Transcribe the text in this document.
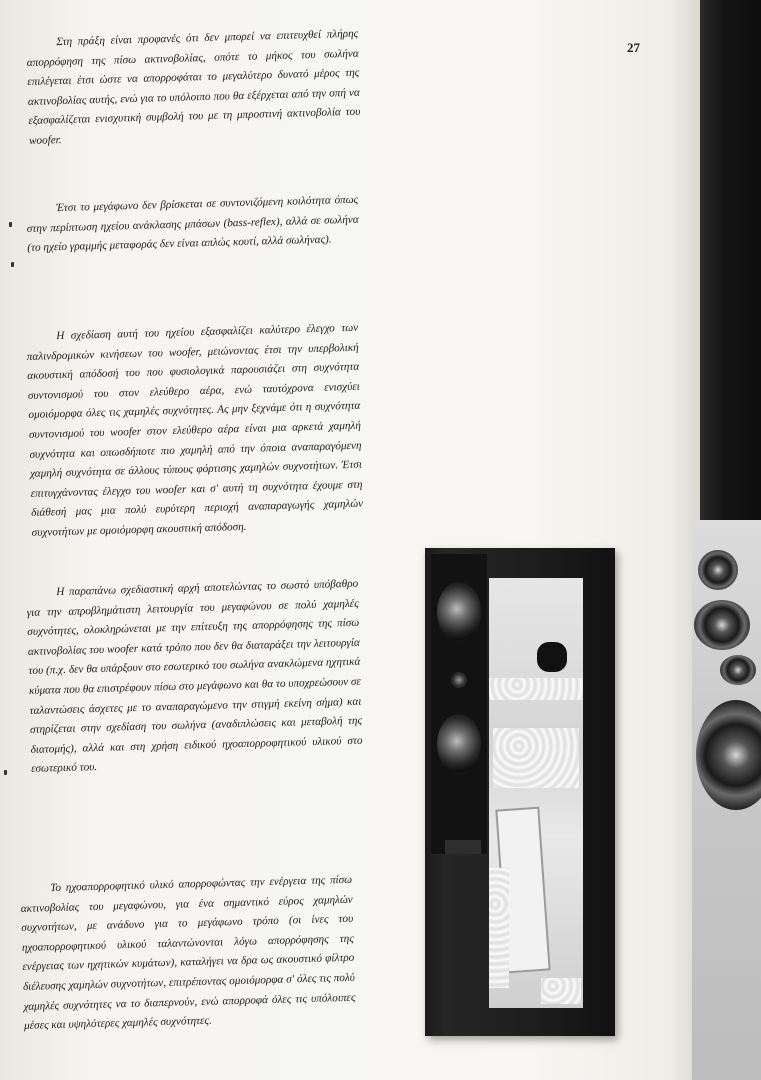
27

Στη πράξη είναι προφανές ότι δεν μπορεί να επιτευχθεί πλήρης απορρόφηση της πίσω ακτινοβολίας, οπότε το μήκος του σωλήνα επιλέγεται έτσι ώστε να απορροφάται το μεγαλύτερο δυνατό μέρος της ακτινοβολίας αυτής, ενώ για το υπόλοιπο που θα εξέρχεται από την οπή να εξασφαλίζεται ενισχυτική συμβολή του με τη μπροστινή ακτινοβολία του woofer.

Έτσι το μεγάφωνο δεν βρίσκεται σε συντονιζόμενη κοιλότητα όπως στην περίπτωση ηχείου ανάκλασης μπάσων (bass-reflex), αλλά σε σωλήνα (το ηχείο γραμμής μεταφοράς δεν είναι απλώς κουτί, αλλά σωλήνας).

Η σχεδίαση αυτή του ηχείου εξασφαλίζει καλύτερο έλεγχο των παλινδρομικών κινήσεων του woofer, μειώνοντας έτσι την υπερβολική ακουστική απόδοσή του που φυσιολογικά παρουσιάζει στη συχνότητα συντονισμού του στον ελεύθερο αέρα, ενώ ταυτόχρονα ενισχύει ομοιόμορφα όλες τις χαμηλές συχνότητες. Ας μην ξεχνάμε ότι η συχνότητα συντονισμού του woofer στον ελεύθερο αέρα είναι μια αρκετά χαμηλή συχνότητα και οπωσδήποτε πιο χαμηλή από την όποια αναπαραγόμενη χαμηλή συχνότητα σε άλλους τύπους φόρτισης χαμηλών συχνοτήτων. Έτσι επιτυγχάνοντας έλεγχο του woofer και σ' αυτή τη συχνότητα έχουμε στη διάθεσή μας μια πολύ ευρύτερη περιοχή αναπαραγωγής χαμηλών συχνοτήτων με ομοιόμορφη ακουστική απόδοση.

Η παραπάνω σχεδιαστική αρχή αποτελώντας το σωστό υπόβαθρο για την απροβλημάτιστη λειτουργία του μεγαφώνου σε πολύ χαμηλές συχνότητες, ολοκληρώνεται με την επίτευξη της απορρόφησης της πίσω ακτινοβολίας του woofer κατά τρόπο που δεν θα διαταράξει την λειτουργία του (π.χ. δεν θα υπάρξουν στο εσωτερικό του σωλήνα ανακλώμενα ηχητικά κύματα που θα επιστρέφουν πίσω στο μεγάφωνο και θα το υποχρεώσουν σε ταλαντώσεις άσχετες με το αναπαραγώμενο την στιγμή εκείνη σήμα) και στηρίζεται στην σχεδίαση του σωλήνα (αναδιπλώσεις και μεταβολή της διατομής), αλλά και στη χρήση ειδικού ηχοαπορροφητικού υλικού στο εσωτερικό του.

Το ηχοαπορροφητικό υλικό απορροφώντας την ενέργεια της πίσω ακτινοβολίας του μεγαφώνου, για ένα σημαντικό εύρος χαμηλών συχνοτήτων, με ανάδυνο για το μεγάφωνο τρόπο (οι ίνες του ηχοαπορροφητικού υλικού ταλαντώνονται λόγω απορρόφησης της ενέργειας των ηχητικών κυμάτων), καταλήγει να δρα ως ακουστικό φίλτρο διέλευσης χαμηλών συχνοτήτων, επιτρέποντας ομοιόμορφα σ' όλες τις πολύ χαμηλές συχνότητες να το διαπερνούν, ενώ απορροφά όλες τις υπόλοιπες μέσες και υψηλότερες χαμηλές συχνότητες.
